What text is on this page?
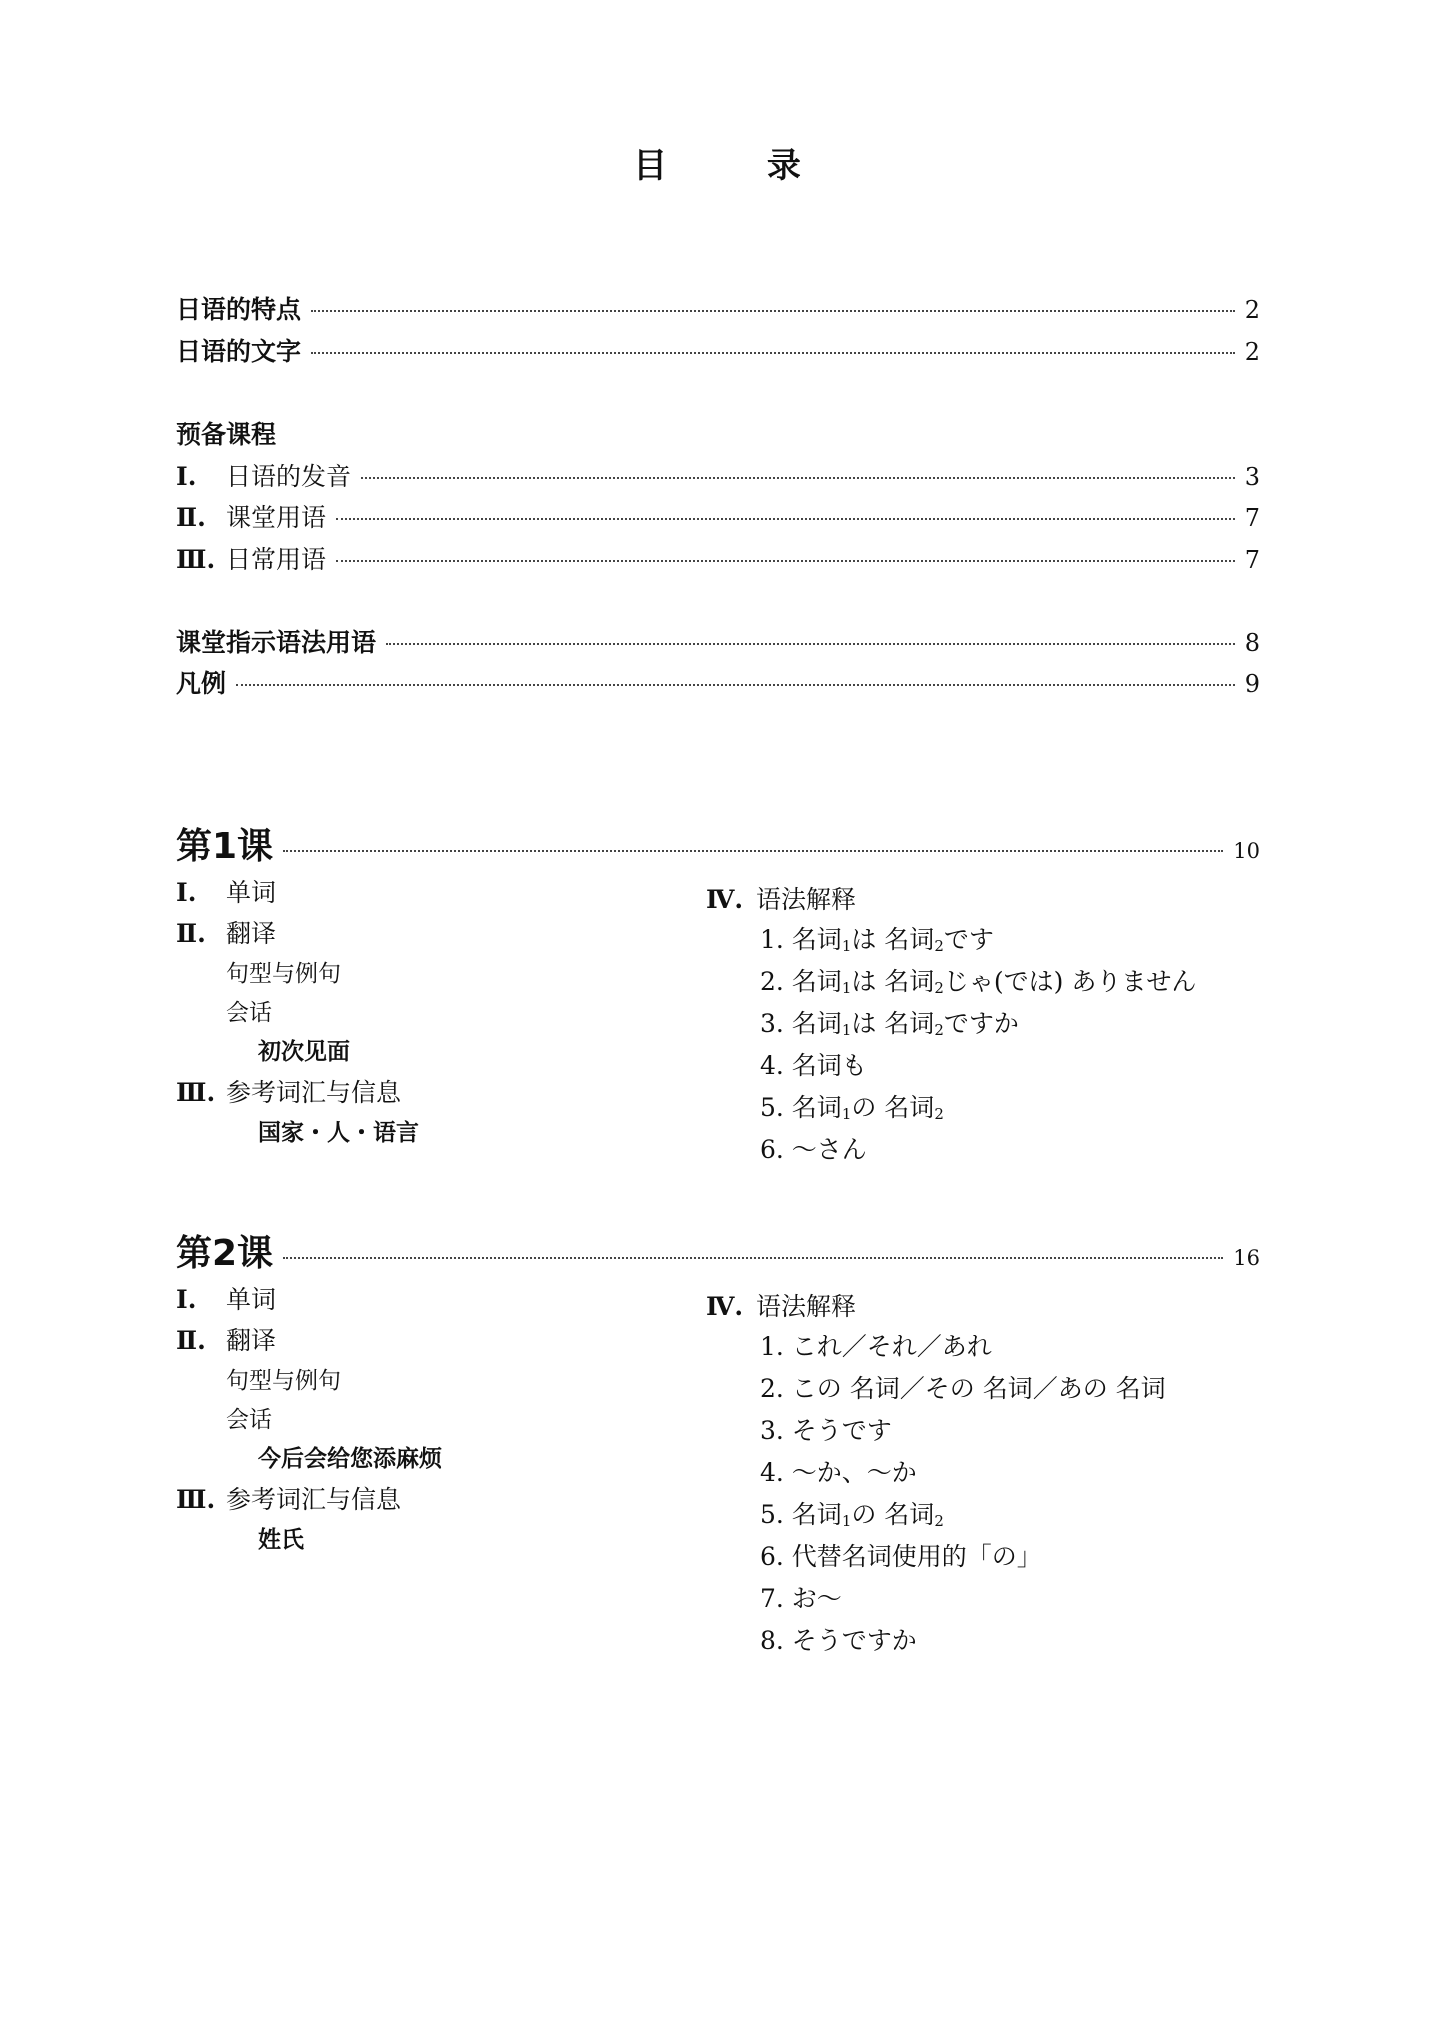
目 录
日语的特点	2
日语的文字	2
预备课程
Ⅰ. 日语的发音	3
Ⅱ. 课堂用语	7
Ⅲ. 日常用语	7
课堂指示语法用语	8
凡例	9
第1课	10
Ⅰ. 单词
Ⅱ. 翻译
句型与例句
会话
初次见面
Ⅲ. 参考词汇与信息
国家・人・语言
Ⅳ. 语法解释
1. 名词$_1$は 名词$_2$です
2. 名词$_1$は 名词$_2$じゃ(では) ありません
3. 名词$_1$は 名词$_2$ですか
4. 名词も
5. 名词$_1$の 名词$_2$
6. ～さん
第2课	16
Ⅰ. 单词
Ⅱ. 翻译
句型与例句
会话
今后会给您添麻烦
Ⅲ. 参考词汇与信息
姓氏
Ⅳ. 语法解释
1. これ／それ／あれ
2. この 名词／その 名词／あの 名词
3. そうです
4. ～か、～か
5. 名词$_1$の 名词$_2$
6. 代替名词使用的「の」
7. お～
8. そうですか
